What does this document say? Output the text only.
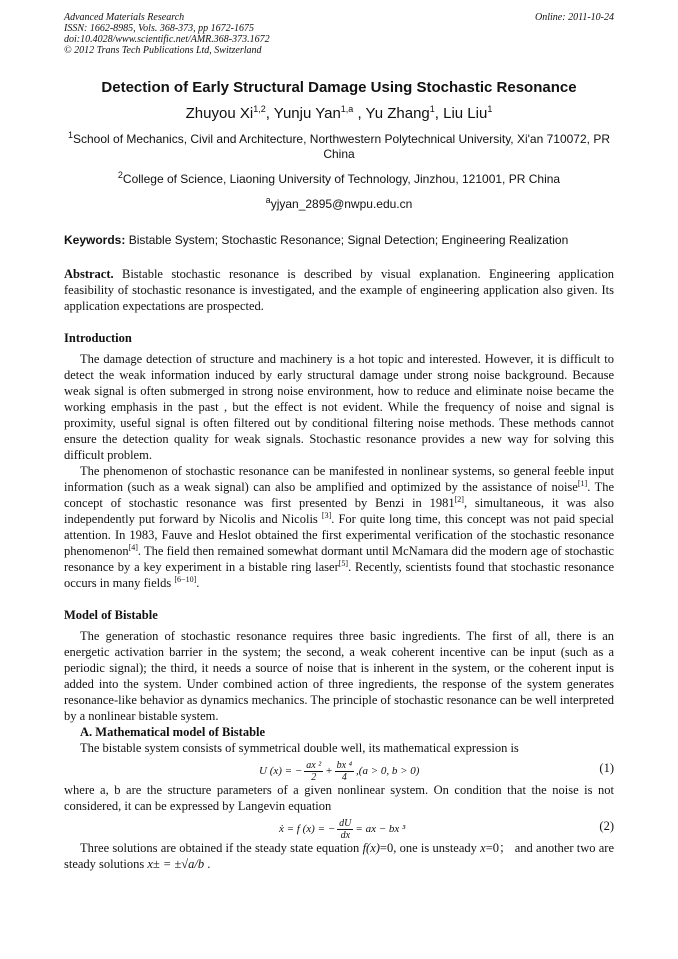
Advanced Materials Research
ISSN: 1662-8985, Vols. 368-373, pp 1672-1675
doi:10.4028/www.scientific.net/AMR.368-373.1672
© 2012 Trans Tech Publications Ltd, Switzerland
Online: 2011-10-24
Detection of Early Structural Damage Using Stochastic Resonance
Zhuyou Xi$^{1,2}$, Yunju Yan$^{1,a}$ , Yu Zhang$^1$, Liu Liu$^1$
$^1$School of Mechanics, Civil and Architecture, Northwestern Polytechnical University, Xi'an 710072, PR China
$^2$College of Science, Liaoning University of Technology, Jinzhou, 121001, PR China
$^a$yjyan_2895@nwpu.edu.cn
Keywords: Bistable System; Stochastic Resonance; Signal Detection; Engineering Realization

Abstract. Bistable stochastic resonance is described by visual explanation. Engineering application feasibility of stochastic resonance is investigated, and the example of engineering application also given. Its application expectations are prospected.

Introduction

The damage detection of structure and machinery is a hot topic and interested. However, it is difficult to detect the weak information induced by early structural damage under strong noise background. Because weak signal is often submerged in strong noise environment, how to reduce and eliminate noise became the working emphasis in the past , but the effect is not evident. While the frequency of noise and signal is proximity, useful signal is often filtered out by conditional filtering noise methods. These methods cannot ensure the detection quality for weak signals. Stochastic resonance provides a new way for solving this difficult problem.

The phenomenon of stochastic resonance can be manifested in nonlinear systems, so general feeble input information (such as a weak signal) can also be amplified and optimized by the assistance of noise[1]. The concept of stochastic resonance was first presented by Benzi in 1981[2], simultaneous, it was also independently put forward by Nicolis and Nicolis [3]. For quite long time, this concept was not paid special attention. In 1983, Fauve and Heslot obtained the first experimental verification of the stochastic resonance phenomenon[4]. The field then remained somewhat dormant until McNamara did the modern age of stochastic resonance by a key experiment in a bistable ring laser[5]. Recently, scientists found that stochastic resonance occurs in many fields [6−10].

Model of Bistable

The generation of stochastic resonance requires three basic ingredients. The first of all, there is an energetic activation barrier in the system; the second, a weak coherent incentive can be input (such as a periodic signal); the third, it needs a source of noise that is inherent in the system, or the coherent input is added into the system. Under combined action of three ingredients, the response of the system generates resonance-like behavior as dynamics mechanics. The principle of stochastic resonance can be well interpreted by a nonlinear bistable system.

A. Mathematical model of Bistable

The bistable system consists of symmetrical double well, its mathematical expression is

U (x) = − $\frac{\text{ax ²}}{2} + \frac{\text{bx ⁴}}{4} ,(a > 0$, b > 0)	(1)

where a, b are the structure parameters of a given nonlinear system. On condition that the noise is not considered, it can be expressed by Langevin equation

ẋ = f (x) = − $\frac{dU}{dx}$ = ax − bx ³	(2)

Three solutions are obtained if the steady state equation f(x)=0, one is unsteady x=0； and another two are steady solutions x± = ±√a/b .
